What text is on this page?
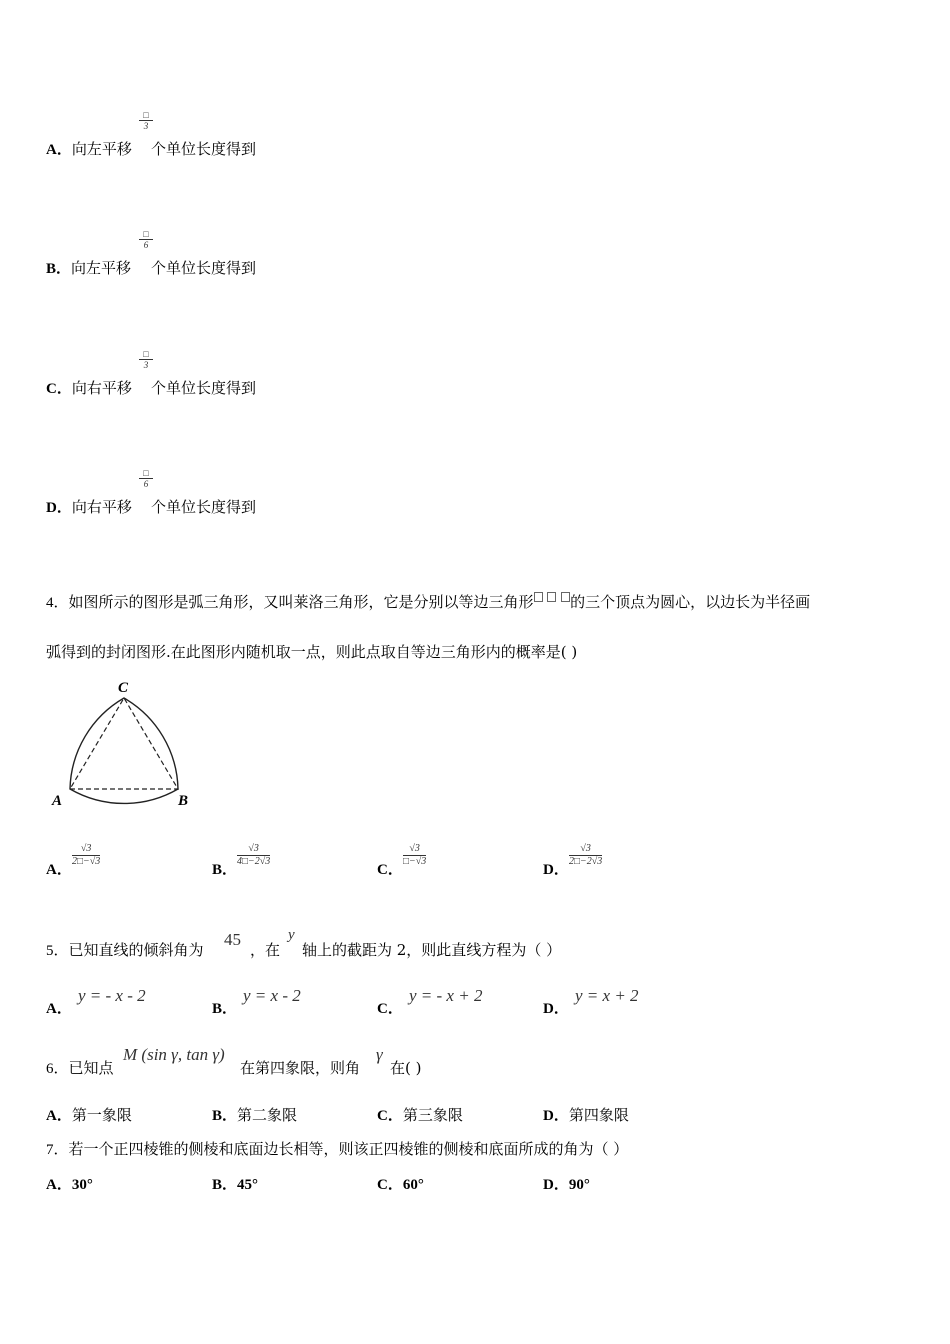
□
3
A．向左平移 个单位长度得到
□
6
B．向左平移 个单位长度得到
□
3
C．向右平移 个单位长度得到
□
6
D．向右平移 个单位长度得到
4．如图所示的图形是弧三角形，又叫莱洛三角形，它是分别以等边三角形 的三个顶点为圆心，以边长为半径画
弧得到的封闭图形.在此图形内随机取一点，则此点取自等边三角形内的概率是( )
A	B
C
A．
$\frac{√3}{2□-√3}$
B．
$\frac{√3}{4□-2√3}$
C．
$\frac{√3}{□-√3}$
D．
$\frac{√3}{2□-2√3}$
5．已知直线的倾斜角为
45
，在
y
轴上的截距为 2，则此直线方程为（ ）
A．
y = - x - 2
B．
y = x - 2
C．
y = - x + 2
D．
y = x + 2
6．已知点
M (sin γ, tan γ)
在第四象限，则角
γ
在( )
A．第一象限	B．第二象限	C．第三象限	D．第四象限
7．若一个正四棱锥的侧棱和底面边长相等，则该正四棱锥的侧棱和底面所成的角为（ ）
A．30°	B．45°	C．60°	D．90°
